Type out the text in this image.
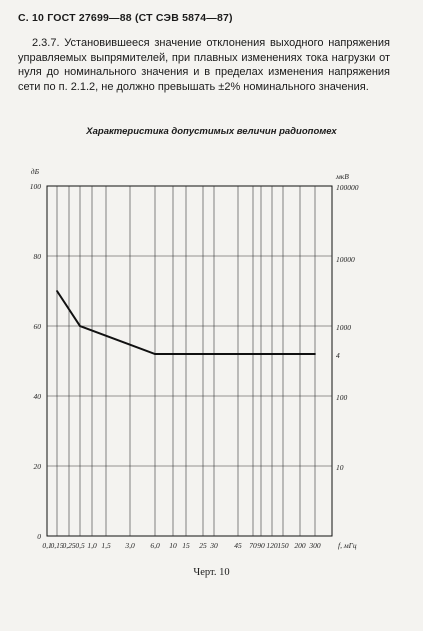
С. 10 ГОСТ 27699—88 (СТ СЭВ 5874—87)

2.3.7. Установившееся значение отклонения выходного напряжения управляемых выпрямителей, при плавных изменениях тока нагрузки от нуля до номинального значения и в пределах изменения напряжения сети по п. 2.1.2, не должно превышать ±2% номинального значения.

Характеристика допустимых величин радиопомех
100
80
60
40
20
0
дБ
100000
10000
1000
4
100
10
мкВ
0,1
0,15
0,25 0,5 1,0 1,5 3,0 6,0 10 15 25 30 45 70 90 120 150 200 300 f, мГц
Черт. 10
